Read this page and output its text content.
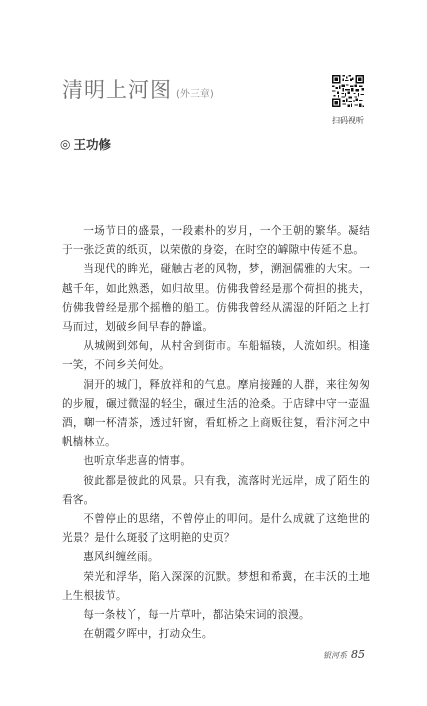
清明上河图 (外三章)
扫码视听
◎ 王功修

一场节日的盛景，一段素朴的岁月，一个王朝的繁华。凝结于一张泛黄的纸页，以荣傲的身姿，在时空的罅隙中传延不息。

当现代的眸光，碰触古老的风物，梦，溯洄儒雅的大宋。一越千年，如此熟悉，如归故里。仿佛我曾经是那个荷担的挑夫，仿佛我曾经是那个摇橹的船工。仿佛我曾经从濡湿的阡陌之上打马而过，划破乡间早春的静谧。

从城阙到郊甸，从村舍到街市。车船辐辏，人流如织。相逢一笑，不问乡关何处。

洞开的城门，释放祥和的气息。摩肩接踵的人群，来往匆匆的步履，碾过微湿的轻尘，碾过生活的沧桑。于店肆中守一壶温酒，啣一杯清茶，透过轩窗，看虹桥之上商贩往复，看汴河之中帆樯林立。

也听京华悲喜的情事。

彼此都是彼此的风景。只有我，流落时光远岸，成了陌生的看客。

不曾停止的思绪，不曾停止的叩问。是什么成就了这绝世的光景？是什么斑驳了这明艳的史页？

惠风纠缠丝雨。

荣光和浮华，陷入深深的沉默。梦想和希冀，在丰沃的土地上生根拔节。

每一条枝丫，每一片草叶，都沾染宋词的浪漫。

在朝霞夕晖中，打动众生。

银河系 85
